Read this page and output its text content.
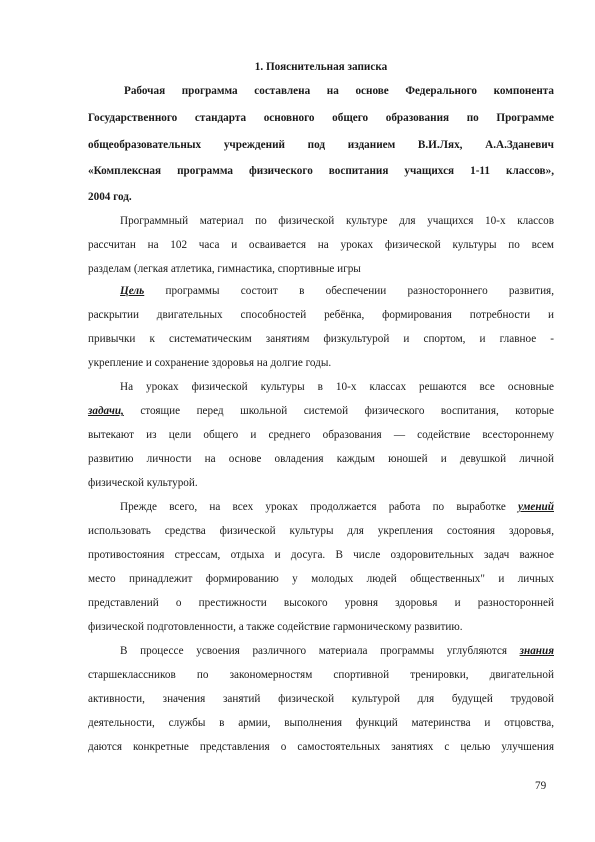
1. Пояснительная записка
Рабочая программа составлена на основе Федерального компонента
Государственного стандарта основного общего образования по Программе
общеобразовательных учреждений под изданием В.И.Лях, А.А.Зданевич
«Комплексная программа физического воспитания учащихся 1-11 классов»,
2004 год.
Программный материал по физической культуре для учащихся 10-х классов
рассчитан на 102 часа и осваивается на уроках физической культуры по всем
разделам (легкая атлетика, гимнастика, спортивные игры
Цель программы состоит в обеспечении разностороннего развития,
раскрытии двигательных способностей ребёнка, формирования потребности и
привычки к систематическим занятиям физкультурой и спортом, и главное -
укрепление и сохранение здоровья на долгие годы.
На уроках физической культуры в 10-х классах решаются все основные
задачи, стоящие перед школьной системой физического воспитания, которые
вытекают из цели общего и среднего образования — содействие всестороннему
развитию личности на основе овладения каждым юношей и девушкой личной
физической культурой.
Прежде всего, на всех уроках продолжается работа по выработке умений
использовать средства физической культуры для укрепления состояния здоровья,
противостояния стрессам, отдыха и досуга. В числе оздоровительных задач важное
место принадлежит формированию у молодых людей общественных" и личных
представлений о престижности высокого уровня здоровья и разносторонней
физической подготовленности, а также содействие гармоническому развитию.
В процессе усвоения различного материала программы углубляются знания
старшеклассников по закономерностям спортивной тренировки, двигательной
активности, значения занятий физической культурой для будущей трудовой
деятельности, службы в армии, выполнения функций материнства и отцовства,
даются конкретные представления о самостоятельных занятиях с целью улучшения
79
